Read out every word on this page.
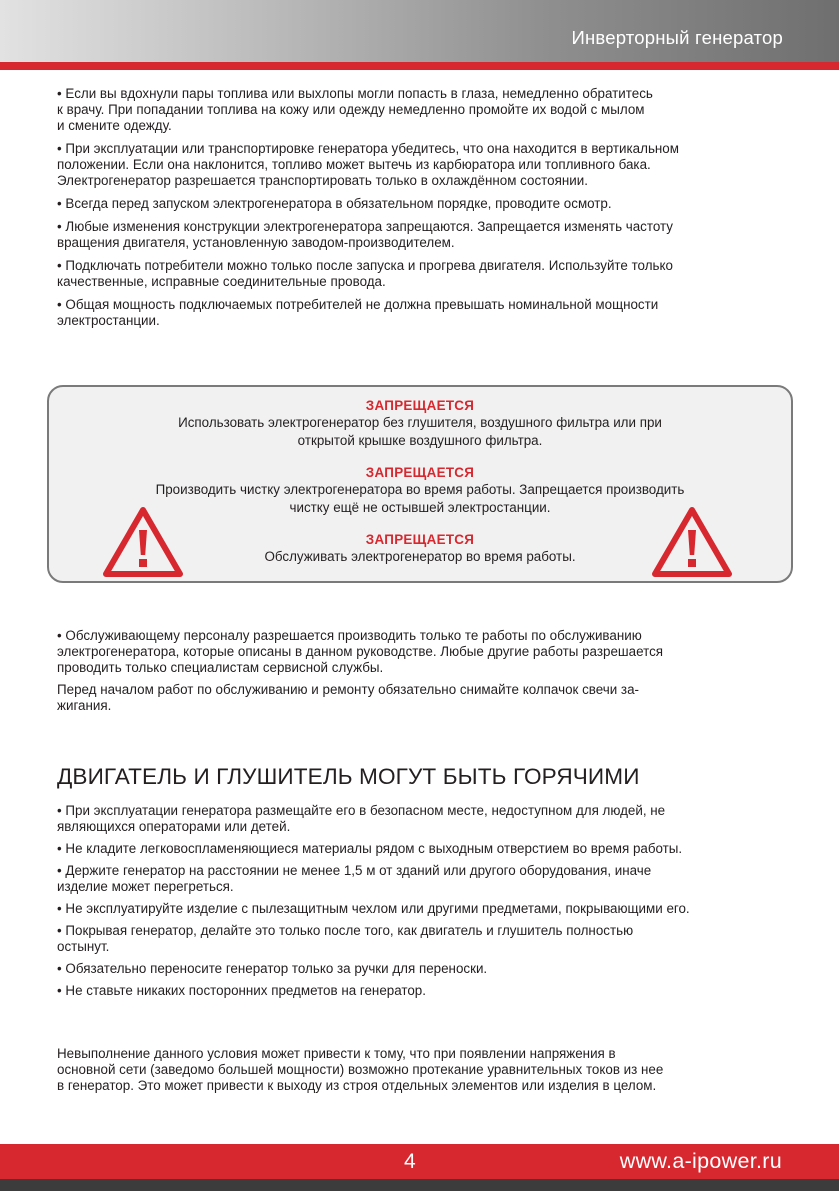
Инверторный генератор

• Если вы вдохнули пары топлива или выхлопы могли попасть в глаза, немедленно обратитесь
к врачу. При попадании топлива на кожу или одежду немедленно промойте их водой с мылом
и смените одежду.

• При эксплуатации или транспортировке генератора убедитесь, что она находится в вертикальном
положении. Если она наклонится, топливо может вытечь из карбюратора или топливного бака.
Электрогенератор разрешается транспортировать только в охлаждённом состоянии.

• Всегда перед запуском электрогенератора в обязательном порядке, проводите осмотр.

• Любые изменения конструкции электрогенератора запрещаются. Запрещается изменять частоту
вращения двигателя, установленную заводом-производителем.

• Подключать потребители можно только после запуска и прогрева двигателя. Используйте только
качественные, исправные соединительные провода.

• Общая мощность подключаемых потребителей не должна превышать номинальной мощности
электростанции.

ЗАПРЕЩАЕТСЯ
Использовать электрогенератор без глушителя, воздушного фильтра или при
открытой крышке воздушного фильтра.
ЗАПРЕЩАЕТСЯ
Производить чистку электрогенератора во время работы. Запрещается производить
чистку ещё не остывшей электростанции.
ЗАПРЕЩАЕТСЯ
Обслуживать электрогенератор во время работы.

• Обслуживающему персоналу разрешается производить только те работы по обслуживанию
электрогенератора, которые описаны в данном руководстве. Любые другие работы разрешается
проводить только специалистам сервисной службы.

Перед началом работ по обслуживанию и ремонту обязательно снимайте колпачок свечи за-
жигания.

ДВИГАТЕЛЬ И ГЛУШИТЕЛЬ МОГУТ БЫТЬ ГОРЯЧИМИ

• При эксплуатации генератора размещайте его в безопасном месте, недоступном для людей, не
являющихся операторами или детей.

• Не кладите легковоспламеняющиеся материалы рядом с выходным отверстием во время работы.

• Держите генератор на расстоянии не менее 1,5 м от зданий или другого оборудования, иначе
изделие может перегреться.

• Не эксплуатируйте изделие с пылезащитным чехлом или другими предметами, покрывающими его.

• Покрывая генератор, делайте это только после того, как двигатель и глушитель полностью
остынут.

• Обязательно переносите генератор только за ручки для переноски.

• Не ставьте никаких посторонних предметов на генератор.

Невыполнение данного условия может привести к тому, что при появлении напряжения в
основной сети (заведомо большей мощности) возможно протекание уравнительных токов из нее
в генератор. Это может привести к выходу из строя отдельных элементов или изделия в целом.

4	www.a-ipower.ru
